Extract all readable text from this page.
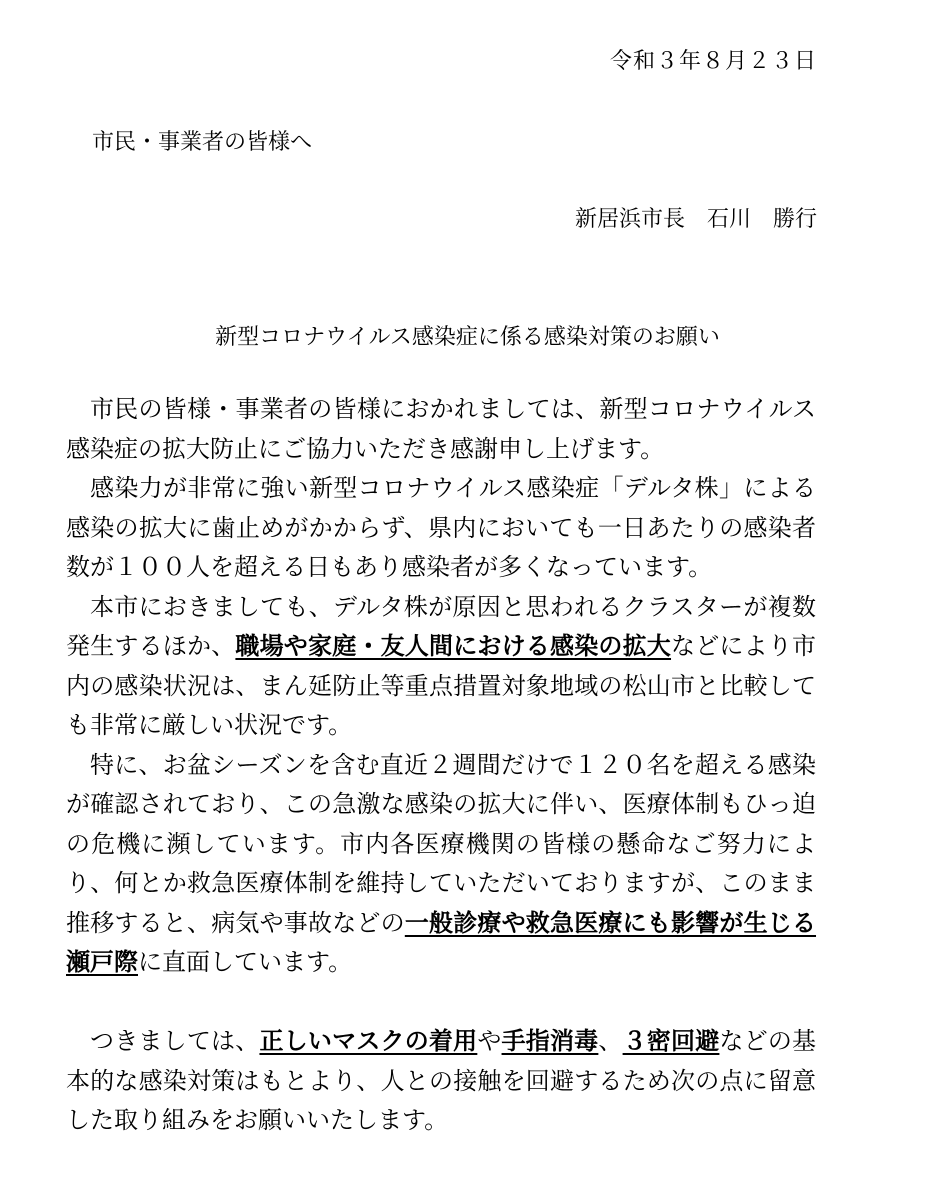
令和３年８月２３日
市民・事業者の皆様へ
新居浜市長 石川 勝行
新型コロナウイルス感染症に係る感染対策のお願い

市民の皆様・事業者の皆様におかれましては、新型コロナウイルス感染症の拡大防止にご協力いただき感謝申し上げます。

感染力が非常に強い新型コロナウイルス感染症「デルタ株」による感染の拡大に歯止めがかからず、県内においても一日あたりの感染者数が１００人を超える日もあり感染者が多くなっています。

本市におきましても、デルタ株が原因と思われるクラスターが複数発生するほか、職場や家庭・友人間における感染の拡大などにより市内の感染状況は、まん延防止等重点措置対象地域の松山市と比較しても非常に厳しい状況です。

特に、お盆シーズンを含む直近２週間だけで１２０名を超える感染が確認されており、この急激な感染の拡大に伴い、医療体制もひっ迫の危機に瀕しています。市内各医療機関の皆様の懸命なご努力により、何とか救急医療体制を維持していただいておりますが、このまま推移すると、病気や事故などの一般診療や救急医療にも影響が生じる瀬戸際に直面しています。

つきましては、正しいマスクの着用や手指消毒、３密回避などの基本的な感染対策はもとより、人との接触を回避するため次の点に留意した取り組みをお願いいたします。
